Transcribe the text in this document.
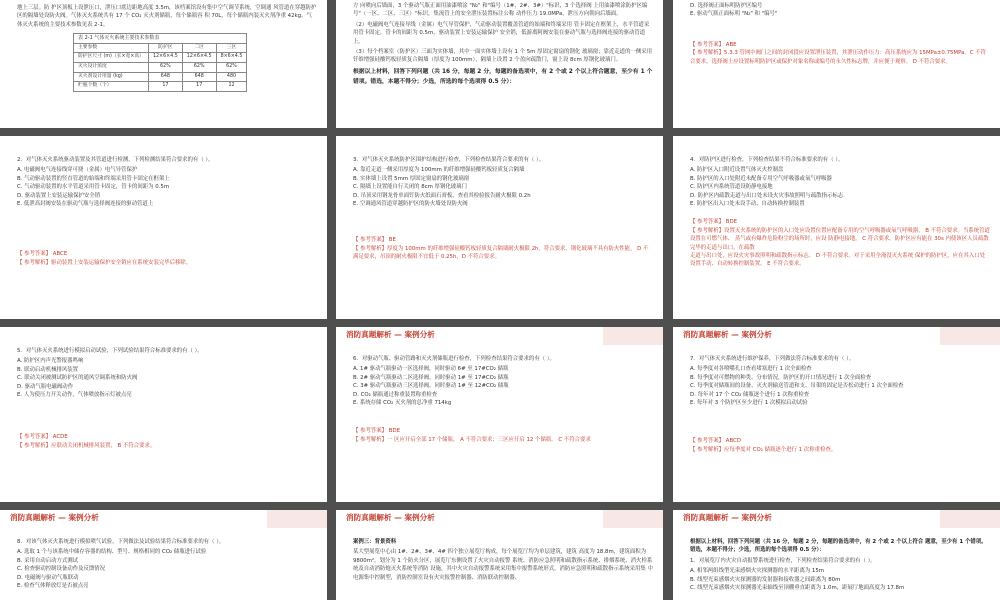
地上三层。防 护区顶板上设泄压口，泄压口底边距地高度 3.5m，该档案馆设有集中空气调节系统，空调通 风管道在穿越防护区的隔墙处设防火阀。气体灭火系统共有 17 个 CO₂ 灭火剂储瓶，每个储瓶容 积 70L，每个储瓶内装灭火剂净重 42kg，气体灭火系统的主要技术参数见表 2-1。
表 2-1 气体灭火系统主要技术参数表			
主要参数	防护区	二区	三区
防护区尺寸 (m)（长×宽×高）	12×6×4.5	12×6×4.5	8×6×4.5
灭火设计浓度	62%	62%	62%
灭火剂设计用量 (kg)	648	648	480
贮瓶个数（个）	17	17	12
方 向喷向后墙面，3 个驱动气瓶正面用油漆喷涂 "N₂" 和"编号（1#、2#、3#）"标识，3 个选择阀 上用油漆喷涂防护区编号"（一区、二区、三区）"标识，集流管上的安全泄压装置标注公称 动作压力 19.0MPa，泄压方向朝向后墙面。
（2）电磁阀电气连接导线（金属）电气导管保护，气动驱动装置覆盖管道的始端和终端采用 管卡固定在框架上，水平管道采用管卡固定，管卡的间距为 0.5m，驱动装置上安装运输保护 安全销，低游离阿阀安装在驱动气瓶与选择阀连接的驱动管道上。
（3）每个档案室（防护区）三面为实体墙，其中一面实体墙上设有 1 个 5m 厚固定窗扇的钢化 玻璃窗；靠近走道的一侧采用钎维增强硅酸钙板轻质复合隔墙（厚度为 100mm），隔墙上设置 2 个盈向疏散门，窗上设 8cm 厚钢化玻璃门。
根据以上材料，回答下列问题（共 16 分，每题 2 分，每题的备选项中，有 2 个或 2 个以上符合题意，至少有 1 个错项。错选，本题不得分；少选，所选的每个选项得 0.5 分）：
D. 选择阀正面标明防护区编号
E. 驱动气瓶正面标明 "N₂" 和 "编号"
【 参考答案】 ABE
【 参考解析】5.3.3 管网中阀门之间的封闭段应设置泄压装置，其泄压动作压力：高压系统应为 15MPa±0.75MPa。C 不符合要求，选择阀上应设置标明防护区或保护对象名称或编号的永久性标志牌，并应便于观察。 D 不符合要求。
2．对气体灭火系统驱动装置及其管道进行检测，下列检测结果符合要求的有（ ）。
A. 电磁阀电气连接线穿可挠（金属）电气导管保护
B. 气动驱动装置的竖直管道的始端和终端采用管卡固定在框架上
C. 气动驱动装置的水平管道采用管卡固定，管卡的间距为 0.5m
D. 驱动装置上安装运输保护安全销
E. 低泄高封阀安装在驱动气瓶与选择阀连接的驱动管道上
【 参考答案】 ABCE
【 参考解析】驱动装置上安装运输保护安全销应在系统安装完毕后移除。
3．对气体灭火系统防护区围护结构进行检查，下列检查结果符合要求的有（ ）。
A. 靠近走道一侧采用厚度为 100mm 的纤维增强硅酸钙板轻质复合隔墙
B. 实体墙上设置 5mm 厚固定窗扇的钢化玻璃窗
C. 隔墙上设置能自行关闭的 8cm 厚钢化玻璃门
D. 吊顶采用钢龙骨单面钉防火纸面石膏板，查看其检验报告耐火极限 0.2h
E. 空调通风管道穿越防护区的防火墙处设防火阀
【 参考答案】 BE
【 参考解析】厚度为 100mm 的纤维增强硅酸钙板轻质复合隔墙耐火极限 2h，符合要求。钢化玻璃不具有防火性能， D 不满足要求，吊顶的耐火极限不宜低于 0.25h，D 不符合要求。
4．对防护区进行检查，下列检查结果不符合标准要求的有（ ）。
A. 防护区入口附近设置气体灭火控制盘
B. 防护区的入口处附近未配备专用空气呼吸器或氧气呼吸器
C. 防护区内系统管道设防静电接地
D. 防护区内疏散走道与出口处未设火灾事故照明与疏散指示标志
E. 防护区出入口处未设手动、自动转换控制装置
【 参考答案】 BDE
【 参考解析】设置灭火系统的防护区的入口处应设置位置应配备专用的空气呼吸器或氧气呼吸器。 B 不符合要求。当系统管道设置在可燃气体、 蒸气或有爆炸危险粉尘的场所时，应设 防静电接地。 C 符合要求。防护区应有能在 30s 内使该区人员疏散完毕的走道与出口。在疏散
走道与出口处，应设火灾事故照明和疏散指示标志。 D 不符合要求。对于采用全淹没灭火系统 保护的防护区，应在其入口处设置手动、自动转换控制装置。 E 不符合要求。
5．对气体灭火系统进行模拟启动试验，下列试验结果符合标准要求的有（ ）。
A. 防护区内声光警报器鸣响
B. 联动启动机械排风装置
C. 联动关闭被测试防护区的通风空调系统和防火阀
D. 驱动气瓶电磁阀动作
E. 人为使压力开关动作，气体喷放指示灯被点亮
【 参考答案】 ACDE
【 参考解析】应联动关闭机械排风装置， B 不符合要求。
消防真题解析 — 案例分析
6．对驱动气瓶、驱动管路和灭火剂储瓶进行检查，下列检查结果符合要求的有（ ）。
A. 1# 驱动气瓶驱动一区选择阀，同时驱动 6# 至 17#CO₂ 储瓶
B. 2# 驱动气瓶驱动二区选择阀，同时驱动 1# 至 17#CO₂ 储瓶
C. 3# 驱动气瓶驱动三区选择阀，同时驱动 1# 至 12#CO₂ 储瓶
D. CO₂ 储瓶通过称重装置称重检查
E. 系统存储 CO₂ 灭火剂的总净重 714kg
【 参考答案】 BDE
【 参考解析】一 区应开启全部 17 个储瓶， A 不符合要求；三区应开启 12 个储瓶。 C 不符合要求
消防真题解析 — 案例分析
7．对气体灭火系统进行维护保养，下列做法符合标准要求的有（ ）。
A. 每季度对各喷嘴孔口查看堵塞进行 1 次全面检查
B. 每季度对可燃物的种类、分布情况，防护区的开口情况进行 1 次全面检查
C. 每季度对储瓶间的设备、灭火剂输送管道和支、吊架的固定是否松动进行 1 次全面检查
D. 每年对 17 个 CO₂ 储瓶逐个进行 1 次称重检查
E. 每年对 3 个防护区至少进行 1 次模拟启动试验
【 参考答案】 ABCD
【 参考解析】应每季度对 CO₂ 储瓶逐个进行 1 次称重检查。
消防真题解析 — 案例分析
8．对该气体灭火系统进行模拟喷气试验，下列做法及试验结果符合标准要求的有（ ）。
A. 选取 1 个与该系统中储存容器的结构、型号、规格相同的 CO₂ 储瓶进行试验
B. 采用自动启动方式测试
C. 检查驱动控制设备动作及反馈情况
D. 电磁阀与驱动气瓶联动
E. 检查气体释放灯是否被点亮
消防真题解析 — 案例分析
案例三：背景资料
某大型展览中心由 1#、2#、3#、4# 四个独立展览厅构成，每个展览厅均为单层建筑，建筑 高度为 18.8m，建筑面积为 9800m²。划分为 1 个防火分区，展览厅东侧设置了火灾自动报警 系统、消防应急照明和疏散指示系统、排烟系统、消火栓系统及自动消防炮灭火系统等消防 设施，其中火灾自动报警系统采用集中报警系统形式，消防应急照明和疏散指示系统采用集 中电源集中控制型，消防控制室设有火灾报警控制器、消防联动控制器、
消防真题解析 — 案例分析
根据以上材料，回答下列问题（共 16 分，每题 2 分，每题的备选项中，有 2 个或 2 个以上符合 题意，至少有 1 个错项。错选，本题不得分；少选，所选的每个选项得 0.5 分）：
1．对展览厅内火灾自动报警系统进行检查，下列检查结果符合要求的有（ ）。
A. 相邻两组线型光束感烟火灾探测器的水平距离为 15m
B. 线型光束感烟火灾探测器的发射器和接收器之间距离为 80m
C. 线型光束感烟火灾探测器光束轴线至顶棚垂直距离为 1.0m，距展厅地面高度为 17.8m
